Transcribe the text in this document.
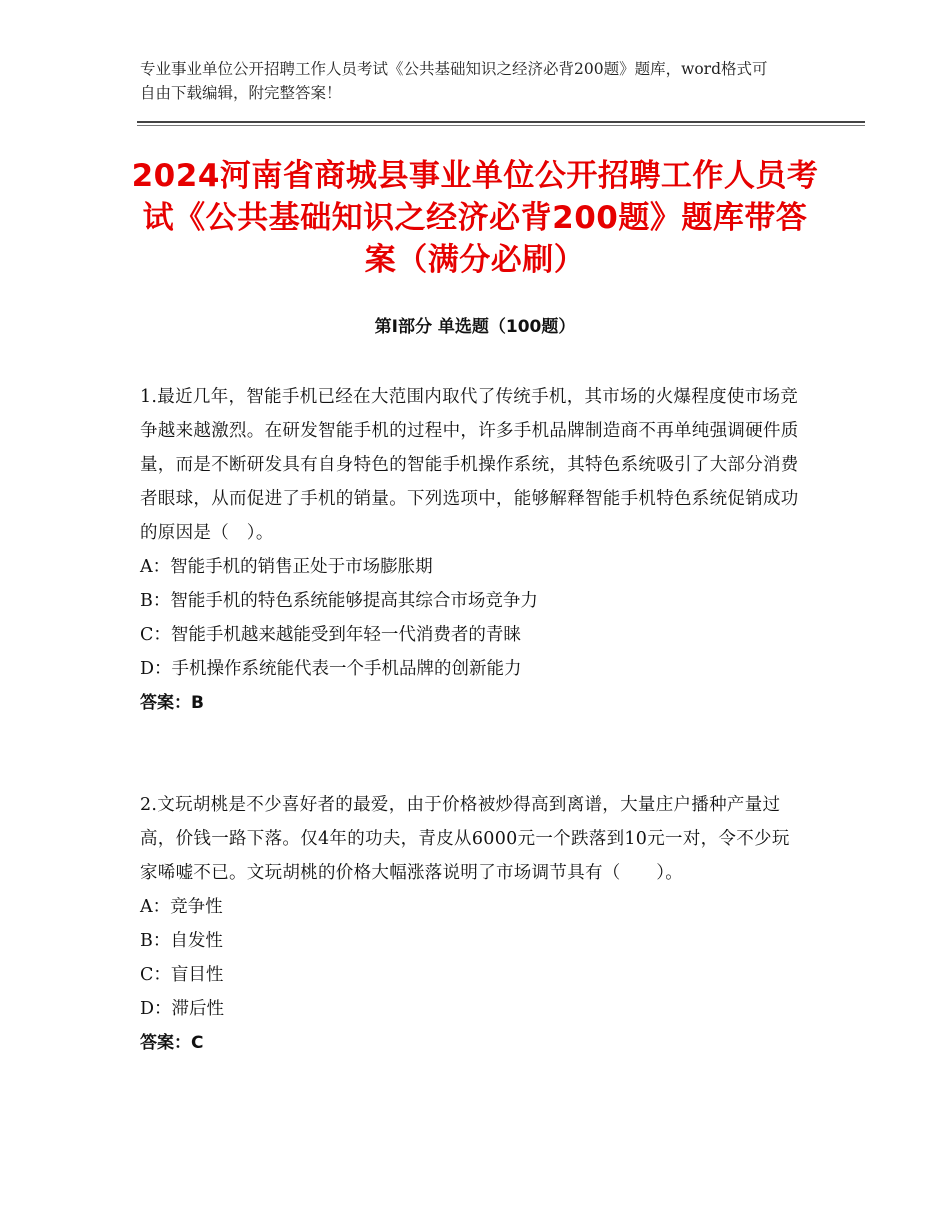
专业事业单位公开招聘工作人员考试《公共基础知识之经济必背200题》题库，word格式可自由下载编辑，附完整答案！
2024河南省商城县事业单位公开招聘工作人员考试《公共基础知识之经济必背200题》题库带答案（满分必刷）
第Ⅰ部分 单选题（100题）

1.最近几年，智能手机已经在大范围内取代了传统手机，其市场的火爆程度使市场竞争越来越激烈。在研发智能手机的过程中，许多手机品牌制造商不再单纯强调硬件质量，而是不断研发具有自身特色的智能手机操作系统，其特色系统吸引了大部分消费者眼球，从而促进了手机的销量。下列选项中，能够解释智能手机特色系统促销成功的原因是（　）。

A：智能手机的销售正处于市场膨胀期

B：智能手机的特色系统能够提高其综合市场竞争力

C：智能手机越来越能受到年轻一代消费者的青睐

D：手机操作系统能代表一个手机品牌的创新能力

答案：B

2.文玩胡桃是不少喜好者的最爱，由于价格被炒得高到离谱，大量庄户播种产量过高，价钱一路下落。仅4年的功夫，青皮从6000元一个跌落到10元一对，令不少玩家唏嘘不已。文玩胡桃的价格大幅涨落说明了市场调节具有（　　）。

A：竞争性

B：自发性

C：盲目性

D：滞后性

答案：C
